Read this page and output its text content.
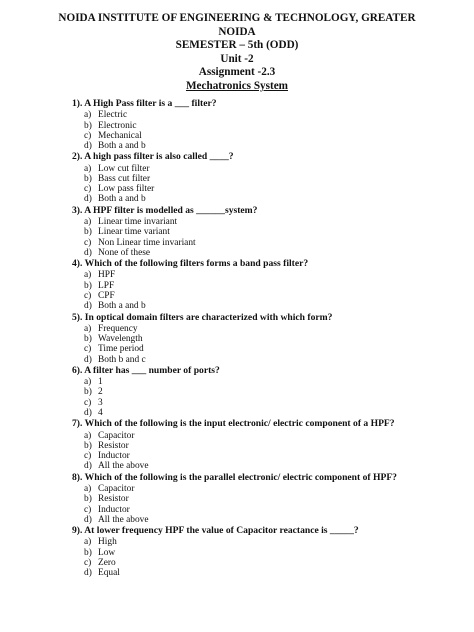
NOIDA INSTITUTE OF ENGINEERING & TECHNOLOGY, GREATER
NOIDA
SEMESTER – 5th (ODD)
Unit -2
Assignment -2.3
Mechatronics System
1). A High Pass filter is a ___ filter?
a) Electric
b) Electronic
c) Mechanical
d) Both a and b
2). A high pass filter is also called ____?
a) Low cut filter
b) Bass cut filter
c) Low pass filter
d) Both a and b
3). A HPF filter is modelled as ______system?
a) Linear time invariant
b) Linear time variant
c) Non Linear time invariant
d) None of these
4). Which of the following filters forms a band pass filter?
a) HPF
b) LPF
c) CPF
d) Both a and b
5). In optical domain filters are characterized with which form?
a) Frequency
b) Wavelength
c) Time period
d) Both b and c
6). A filter has ___ number of ports?
a) 1
b) 2
c) 3
d) 4
7). Which of the following is the input electronic/ electric component of a HPF?
a) Capacitor
b) Resistor
c) Inductor
d) All the above
8). Which of the following is the parallel electronic/ electric component of HPF?
a) Capacitor
b) Resistor
c) Inductor
d) All the above
9). At lower frequency HPF the value of Capacitor reactance is _____?
a) High
b) Low
c) Zero
d) Equal
